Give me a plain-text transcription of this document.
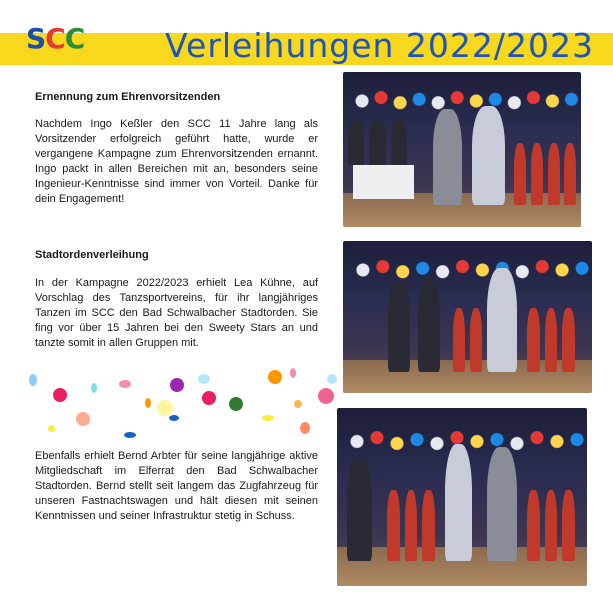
SCC Verleihungen 2022/2023
Ernennung zum Ehrenvorsitzenden

Nachdem Ingo Keßler den SCC 11 Jahre lang als Vorsitzender erfolgreich geführt hatte, wurde er vergangene Kampagne zum Ehrenvorsitzenden ernannt. Ingo packt in allen Bereichen mit an, besonders seine Ingenieur-Kenntnisse sind immer von Vorteil. Danke für dein Engagement!

Stadtordenverleihung

In der Kampagne 2022/2023 erhielt Lea Kühne, auf Vorschlag des Tanzsportvereins, für ihr langjähriges Tanzen im SCC den Bad Schwalbacher Stadtorden. Sie fing vor über 15 Jahren bei den Sweety Stars an und tanzte somit in allen Gruppen mit.

Ebenfalls erhielt Bernd Arbter für seine langjährige aktive Mitgliedschaft im Elferrat den Bad Schwalbacher Stadtorden. Bernd stellt seit langem das Zugfahrzeug für unseren Fastnachtswagen und hält diesen mit seinen Kenntnissen und seiner Infrastruktur stetig in Schuss.
